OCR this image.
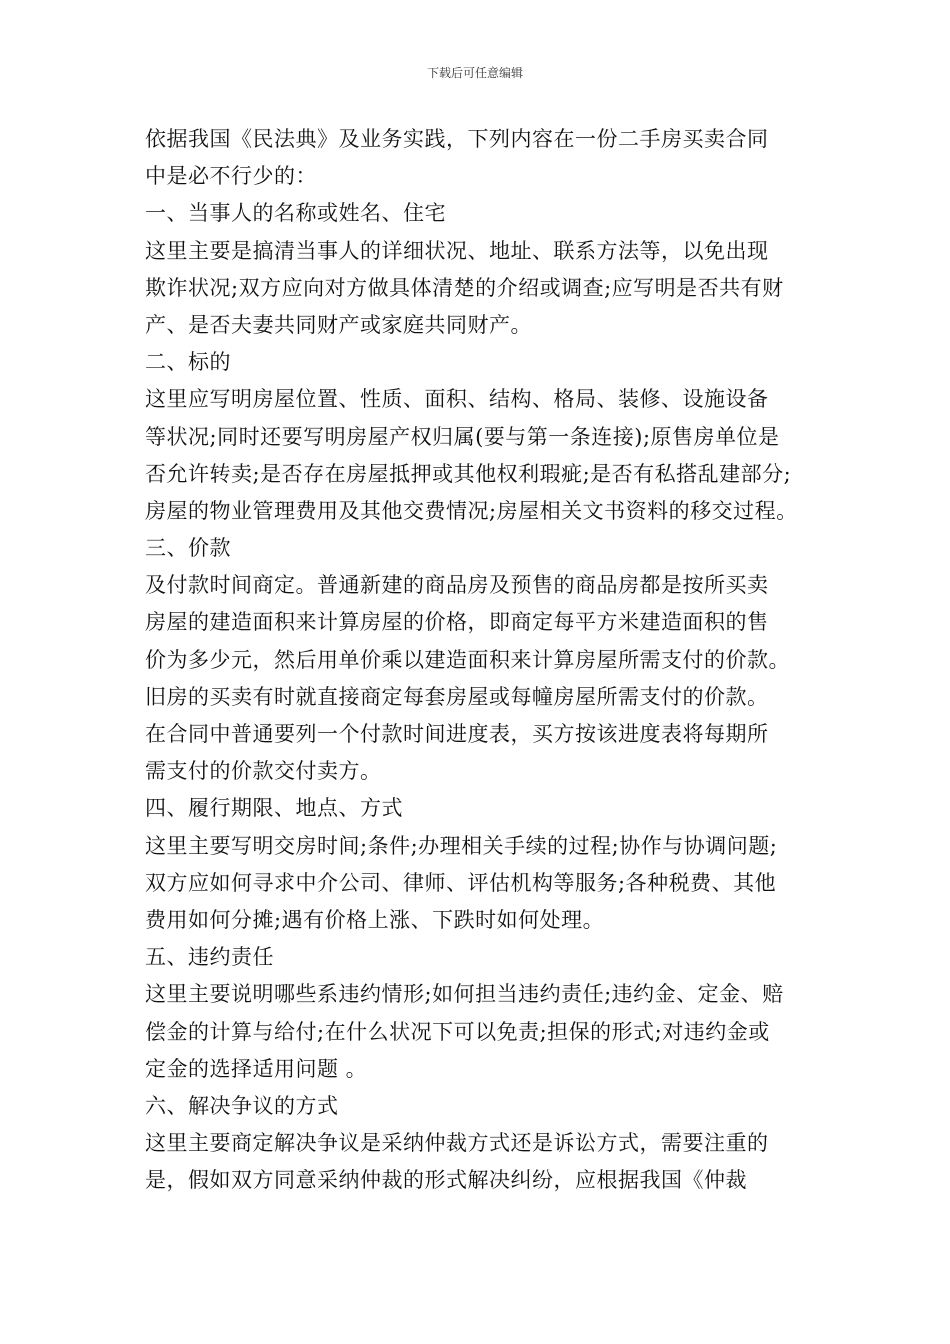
下载后可任意编辑
依据我国《民法典》及业务实践，下列内容在一份二手房买卖合同
中是必不行少的：
一、当事人的名称或姓名、住宅
这里主要是搞清当事人的详细状况、地址、联系方法等，以免出现
欺诈状况;双方应向对方做具体清楚的介绍或调查;应写明是否共有财
产、是否夫妻共同财产或家庭共同财产。
二、标的
这里应写明房屋位置、性质、面积、结构、格局、装修、设施设备
等状况;同时还要写明房屋产权归属(要与第一条连接);原售房单位是
否允许转卖;是否存在房屋抵押或其他权利瑕疵;是否有私搭乱建部分;
房屋的物业管理费用及其他交费情况;房屋相关文书资料的移交过程。
三、价款
及付款时间商定。普通新建的商品房及预售的商品房都是按所买卖
房屋的建造面积来计算房屋的价格，即商定每平方米建造面积的售
价为多少元，然后用单价乘以建造面积来计算房屋所需支付的价款。
旧房的买卖有时就直接商定每套房屋或每幢房屋所需支付的价款。
在合同中普通要列一个付款时间进度表，买方按该进度表将每期所
需支付的价款交付卖方。
四、履行期限、地点、方式
这里主要写明交房时间;条件;办理相关手续的过程;协作与协调问题;
双方应如何寻求中介公司、律师、评估机构等服务;各种税费、其他
费用如何分摊;遇有价格上涨、下跌时如何处理。
五、违约责任
这里主要说明哪些系违约情形;如何担当违约责任;违约金、定金、赔
偿金的计算与给付;在什么状况下可以免责;担保的形式;对违约金或
定金的选择适用问题 。
六、解决争议的方式
这里主要商定解决争议是采纳仲裁方式还是诉讼方式，需要注重的
是，假如双方同意采纳仲裁的形式解决纠纷，应根据我国《仲裁
